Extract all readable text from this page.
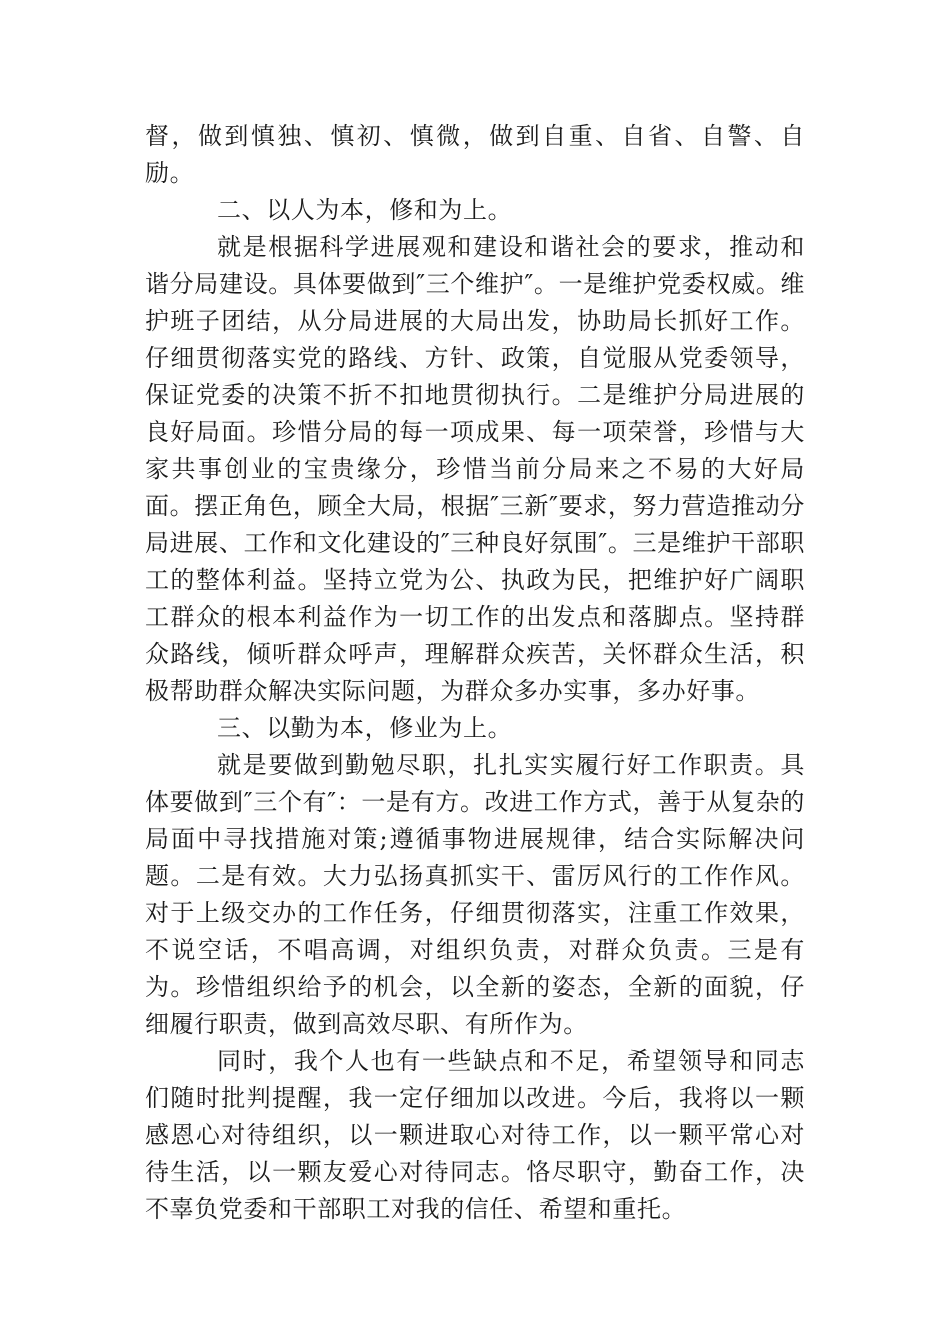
督，做到慎独、慎初、慎微，做到自重、自省、自警、自励。

二、以人为本，修和为上。

就是根据科学进展观和建设和谐社会的要求，推动和谐分局建设。具体要做到″三个维护″。一是维护党委权威。维护班子团结，从分局进展的大局出发，协助局长抓好工作。仔细贯彻落实党的路线、方针、政策，自觉服从党委领导，保证党委的决策不折不扣地贯彻执行。二是维护分局进展的良好局面。珍惜分局的每一项成果、每一项荣誉，珍惜与大家共事创业的宝贵缘分，珍惜当前分局来之不易的大好局面。摆正角色，顾全大局，根据″三新″要求，努力营造推动分局进展、工作和文化建设的″三种良好氛围″。三是维护干部职工的整体利益。坚持立党为公、执政为民，把维护好广阔职工群众的根本利益作为一切工作的出发点和落脚点。坚持群众路线，倾听群众呼声，理解群众疾苦，关怀群众生活，积极帮助群众解决实际问题，为群众多办实事，多办好事。

三、以勤为本，修业为上。

就是要做到勤勉尽职，扎扎实实履行好工作职责。具体要做到″三个有″：一是有方。改进工作方式，善于从复杂的局面中寻找措施对策;遵循事物进展规律，结合实际解决问题。二是有效。大力弘扬真抓实干、雷厉风行的工作作风。对于上级交办的工作任务，仔细贯彻落实，注重工作效果，不说空话，不唱高调，对组织负责，对群众负责。三是有为。珍惜组织给予的机会，以全新的姿态，全新的面貌，仔细履行职责，做到高效尽职、有所作为。

同时，我个人也有一些缺点和不足，希望领导和同志们随时批判提醒，我一定仔细加以改进。今后，我将以一颗感恩心对待组织，以一颗进取心对待工作，以一颗平常心对待生活，以一颗友爱心对待同志。恪尽职守，勤奋工作，决不辜负党委和干部职工对我的信任、希望和重托。
